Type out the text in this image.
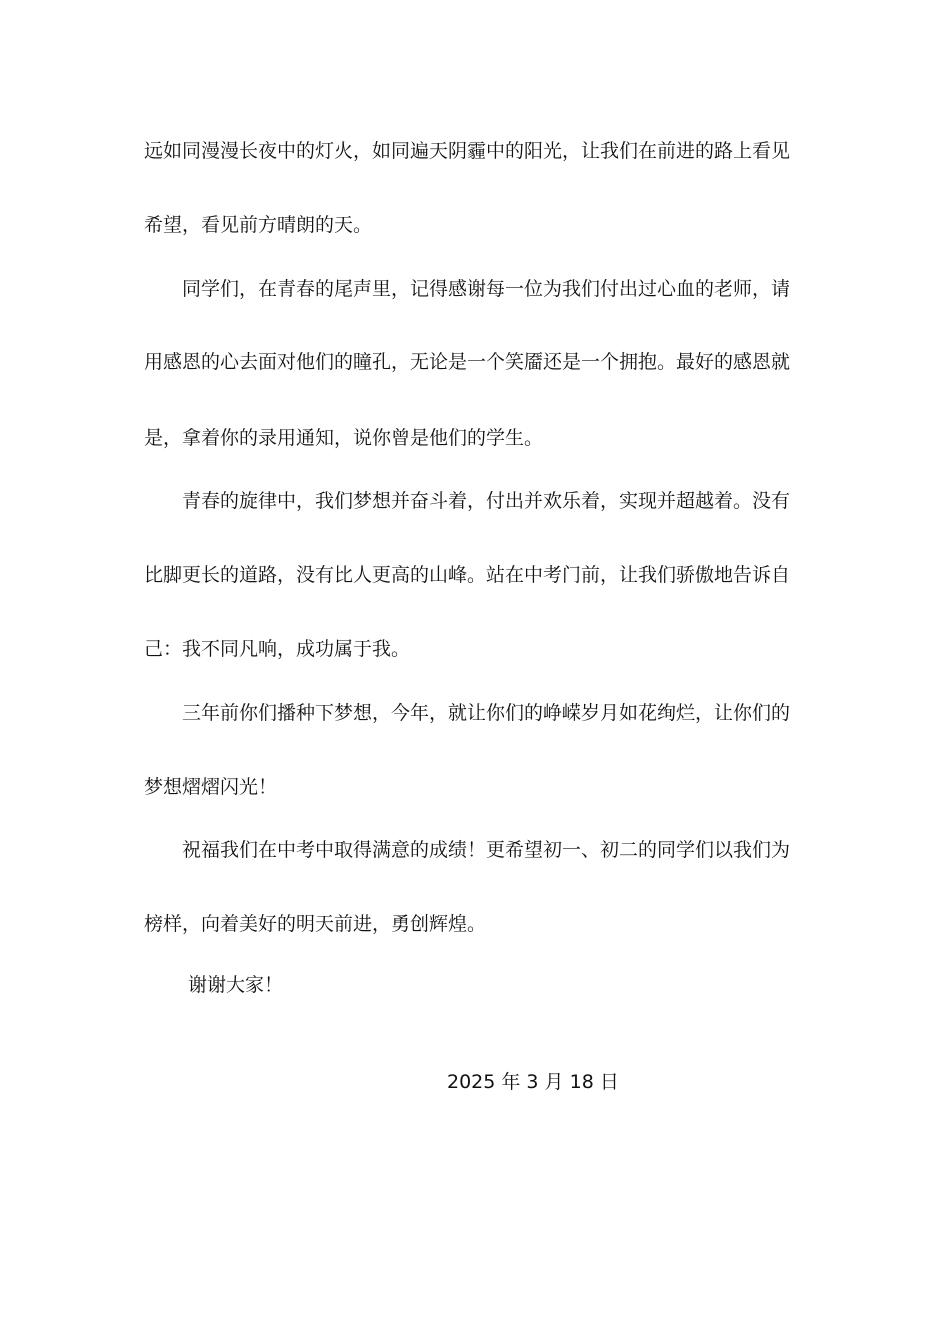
远如同漫漫长夜中的灯火，如同遍天阴霾中的阳光，让我们在前进的路上看见
希望，看见前方晴朗的天。
同学们，在青春的尾声里，记得感谢每一位为我们付出过心血的老师，请
用感恩的心去面对他们的瞳孔，无论是一个笑靥还是一个拥抱。最好的感恩就
是，拿着你的录用通知，说你曾是他们的学生。
青春的旋律中，我们梦想并奋斗着，付出并欢乐着，实现并超越着。没有
比脚更长的道路，没有比人更高的山峰。站在中考门前，让我们骄傲地告诉自
己：我不同凡响，成功属于我。
三年前你们播种下梦想，今年，就让你们的峥嵘岁月如花绚烂，让你们的
梦想熠熠闪光！
祝福我们在中考中取得满意的成绩！更希望初一、初二的同学们以我们为
榜样，向着美好的明天前进，勇创辉煌。
谢谢大家！
2025 年 3 月 18 日
